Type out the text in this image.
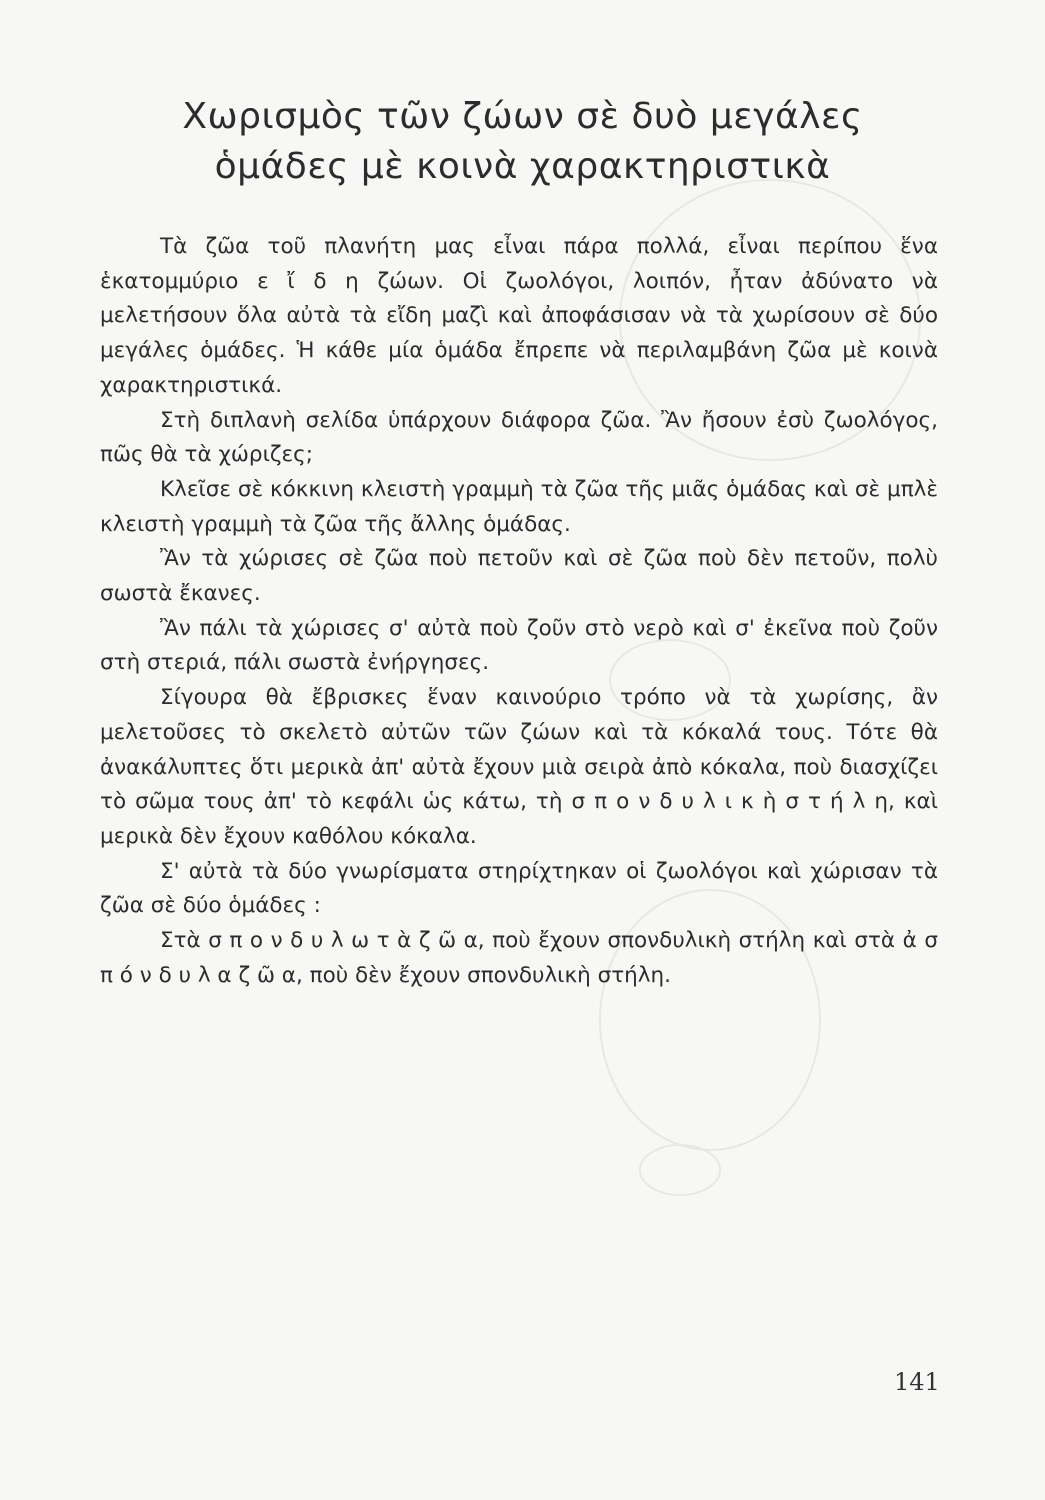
Χωρισμὸς τῶν ζώων σὲ δυὸ μεγάλες
ὁμάδες μὲ κοινὰ χαρακτηριστικὰ

Τὰ ζῶα τοῦ πλανήτη μας εἶναι πάρα πολλά, εἶναι περίπου ἕνα ἑκατομμύριο ε ἴ δ η ζώων. Οἱ ζωολόγοι, λοιπόν, ἦταν ἀδύνατο νὰ μελετήσουν ὅλα αὐτὰ τὰ εἴδη μαζὶ καὶ ἀποφάσισαν νὰ τὰ χωρίσουν σὲ δύο μεγάλες ὁμάδες. Ἡ κάθε μία ὁμάδα ἔπρεπε νὰ περιλαμβάνη ζῶα μὲ κοινὰ χαρακτηριστικά.

Στὴ διπλανὴ σελίδα ὑπάρχουν διάφορα ζῶα. Ἂν ἤσουν ἐσὺ ζωολόγος, πῶς θὰ τὰ χώριζες;

Κλεῖσε σὲ κόκκινη κλειστὴ γραμμὴ τὰ ζῶα τῆς μιᾶς ὁμάδας καὶ σὲ μπλὲ κλειστὴ γραμμὴ τὰ ζῶα τῆς ἄλλης ὁμάδας.

Ἂν τὰ χώρισες σὲ ζῶα ποὺ πετοῦν καὶ σὲ ζῶα ποὺ δὲν πετοῦν, πολὺ σωστὰ ἔκανες.

Ἂν πάλι τὰ χώρισες σ' αὐτὰ ποὺ ζοῦν στὸ νερὸ καὶ σ' ἐκεῖνα ποὺ ζοῦν στὴ στεριά, πάλι σωστὰ ἐνήργησες.

Σίγουρα θὰ ἔβρισκες ἕναν καινούριο τρόπο νὰ τὰ χωρίσης, ἂν μελετοῦσες τὸ σκελετὸ αὐτῶν τῶν ζώων καὶ τὰ κόκαλά τους. Τότε θὰ ἀνακάλυπτες ὅτι μερικὰ ἀπ' αὐτὰ ἔχουν μιὰ σειρὰ ἀπὸ κόκαλα, ποὺ διασχίζει τὸ σῶμα τους ἀπ' τὸ κεφάλι ὡς κάτω, τὴ σ π ο ν δ υ λ ι κ ὴ σ τ ή λ η, καὶ μερικὰ δὲν ἔχουν καθόλου κόκαλα.

Σ' αὐτὰ τὰ δύο γνωρίσματα στηρίχτηκαν οἱ ζωολόγοι καὶ χώρισαν τὰ ζῶα σὲ δύο ὁμάδες :

Στὰ σ π ο ν δ υ λ ω τ ὰ ζ ῶ α, ποὺ ἔχουν σπονδυλικὴ στήλη καὶ στὰ ἀ σ π ό ν δ υ λ α ζ ῶ α, ποὺ δὲν ἔχουν σπονδυλικὴ στήλη.

141
